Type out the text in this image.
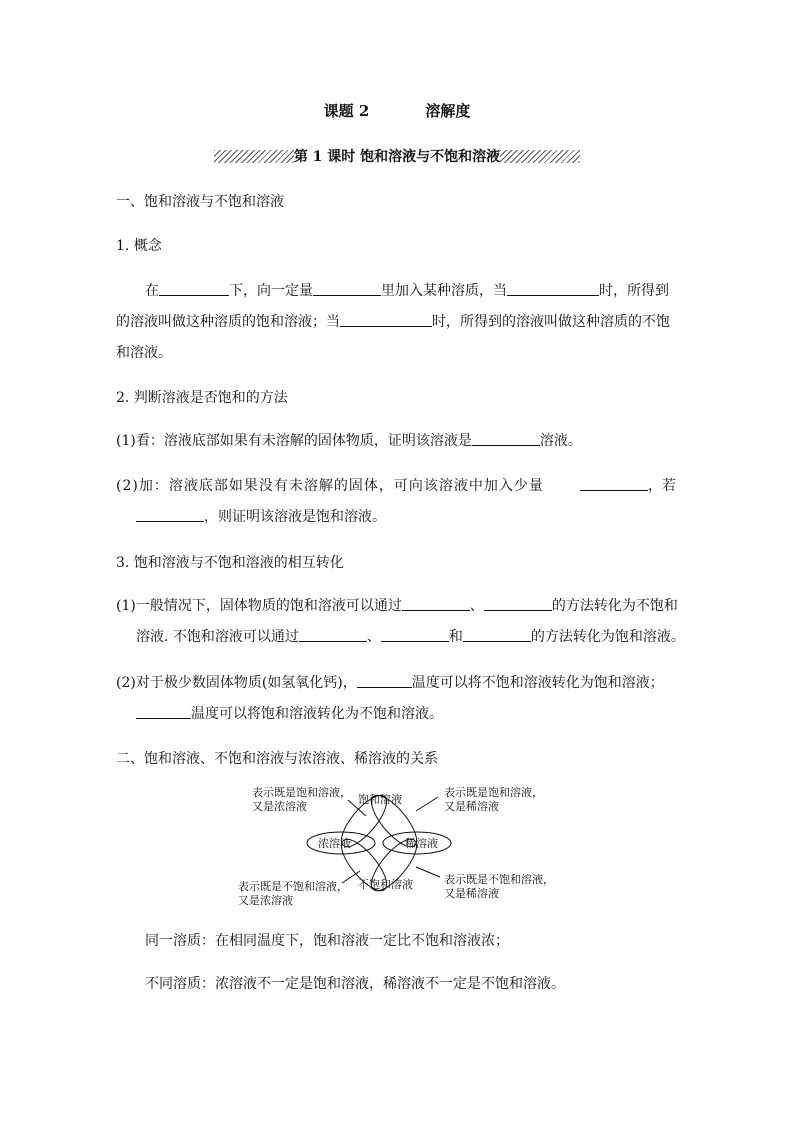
课题 2	溶解度
第 1 课时 饱和溶液与不饱和溶液
一、饱和溶液与不饱和溶液
1. 概念
在	下，向一定量	里加入某种溶质，当	时，所得到
的溶液叫做这种溶质的饱和溶液；当	时，所得到的溶液叫做这种溶质的不饱
和溶液。
2. 判断溶液是否饱和的方法
(1)看：溶液底部如果有未溶解的固体物质，证明该溶液是	溶液。
(2)加：溶液底部如果没有未溶解的固体，可向该溶液中加入少量	，若
，则证明该溶液是饱和溶液。
3. 饱和溶液与不饱和溶液的相互转化
(1)一般情况下，固体物质的饱和溶液可以通过	、	的方法转化为不饱和
溶液. 不饱和溶液可以通过	、	和	的方法转化为饱和溶液。
(2)对于极少数固体物质(如氢氧化钙)，	温度可以将不饱和溶液转化为饱和溶液；
温度可以将饱和溶液转化为不饱和溶液。
二、饱和溶液、不饱和溶液与浓溶液、稀溶液的关系
饱和溶液
浓溶液	稀溶液
不饱和溶液
表示既是饱和溶液，
又是浓溶液
表示既是饱和溶液，
又是稀溶液
表示既是不饱和溶液，
又是浓溶液
表示既是不饱和溶液，
又是稀溶液
同一溶质：在相同温度下，饱和溶液一定比不饱和溶液浓；
不同溶质：浓溶液不一定是饱和溶液，稀溶液不一定是不饱和溶液。
